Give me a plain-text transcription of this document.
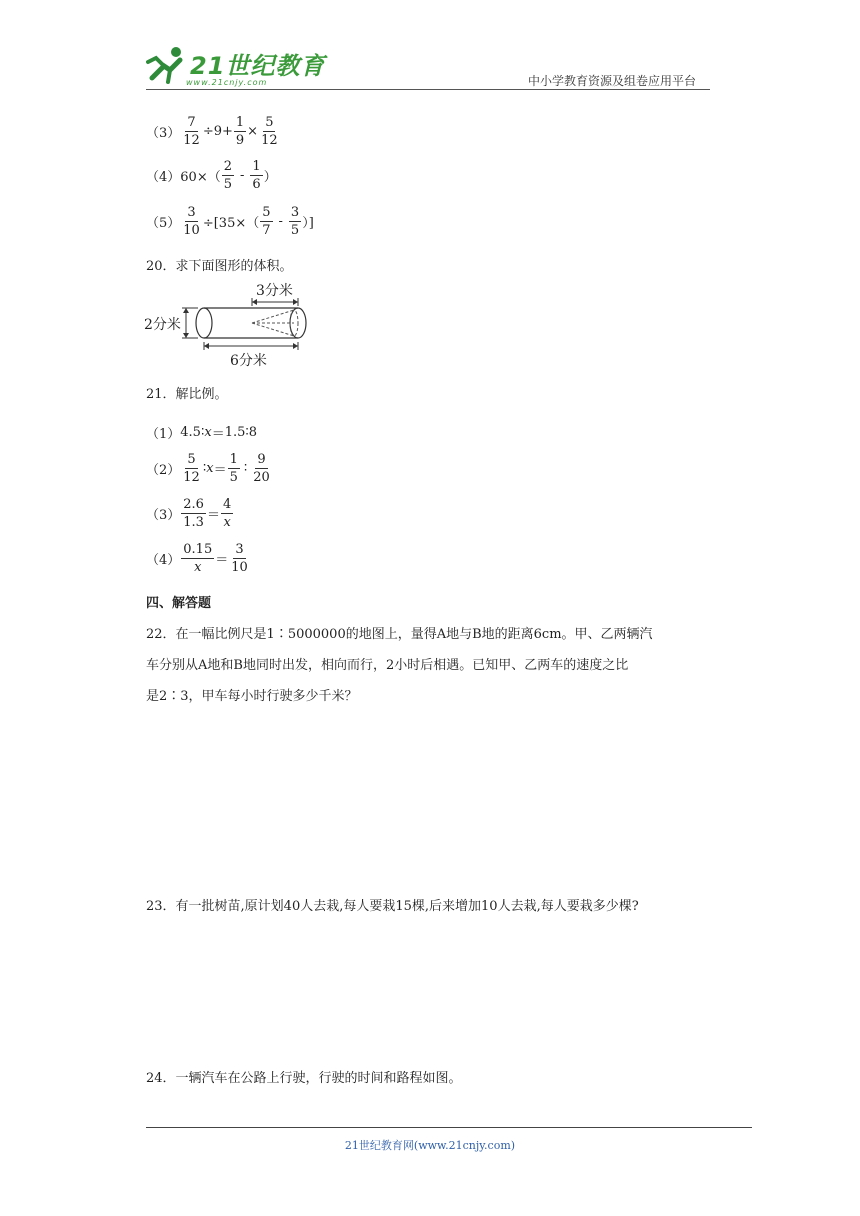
21世纪教育
www.21cnjy.com	中小学教育资源及组卷应用平台
$(3) \frac{7}{12} \div 9+ \frac{1}{9} \times \frac{5}{12}$
（4） $60\times( \frac{2}{5} - \frac{1}{6}$ ）
$(5) \frac{3}{10} \div[35\times( \frac{5}{7} - \frac{3}{5}$ ）]
20．求下面图形的体积。
3分米
2分米
6分米
21．解比例。
（1） 4.5 ∶ x ＝ 1.5 ∶ 8
$(2) \frac{5}{12}$ ∶ $x = \frac{1}{5}$ ∶ $\frac{9}{20}$
$(3) \frac{2.6}{1.3} = \frac{4}{x}$
$(4) \frac{0.15}{x} = \frac{3}{10}$
四、解答题
22．在一幅比例尺是1∶5000000的地图上，量得A地与B地的距离6cm。甲、乙两辆汽
车分别从A地和B地同时出发，相向而行，2小时后相遇。已知甲、乙两车的速度之比
是2∶3，甲车每小时行驶多少千米？
23．有一批树苗,原计划40人去栽,每人要栽15棵,后来增加10人去栽,每人要栽多少棵?
24．一辆汽车在公路上行驶，行驶的时间和路程如图。
21世纪教育网(www.21cnjy.com)
